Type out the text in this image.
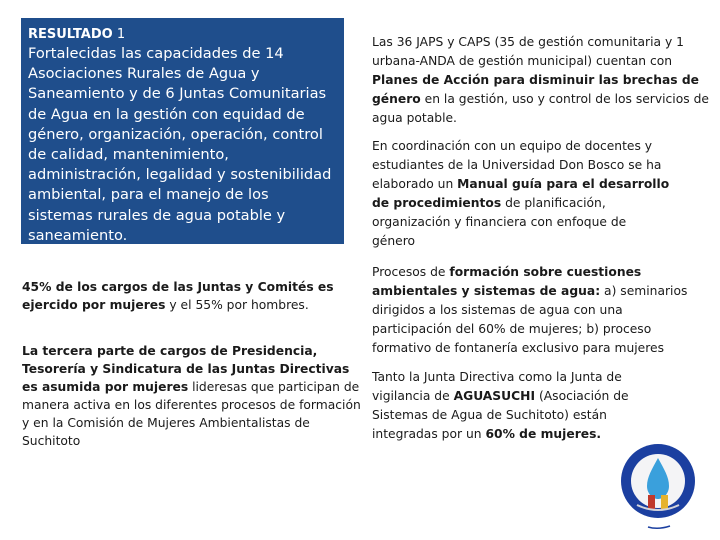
RESULTADO 1
Fortalecidas las capacidades de 14 Asociaciones Rurales de Agua y Saneamiento y de 6 Juntas Comunitarias de Agua en la gestión con equidad de género, organización, operación, control de calidad, mantenimiento, administración, legalidad y sostenibilidad ambiental, para el manejo de los sistemas rurales de agua potable y saneamiento.
45% de los cargos de las Juntas y Comités es ejercido por mujeres y el 55% por hombres.
La tercera parte de cargos de Presidencia, Tesorería y Sindicatura de las Juntas Directivas es asumida por mujeres lideresas que participan de manera activa en los diferentes procesos de formación y en la Comisión de Mujeres Ambientalistas de Suchitoto
Las 36 JAPS y CAPS (35 de gestión comunitaria y 1 urbana-ANDA de gestión municipal) cuentan con Planes de Acción para disminuir las brechas de género en la gestión, uso y control de los servicios de agua potable.
En coordinación con un equipo de docentes y estudiantes de la Universidad Don Bosco se ha elaborado un Manual guía para el desarrollo de procedimientos de planificación, organización y financiera con enfoque de género
Procesos de formación sobre cuestiones ambientales y sistemas de agua: a) seminarios dirigidos a los sistemas de agua con una participación del 60% de mujeres; b) proceso formativo de fontanería exclusivo para mujeres
Tanto la Junta Directiva como la Junta de vigilancia de AGUASUCHI (Asociación de Sistemas de Agua de Suchitoto) están integradas por un 60% de mujeres.
